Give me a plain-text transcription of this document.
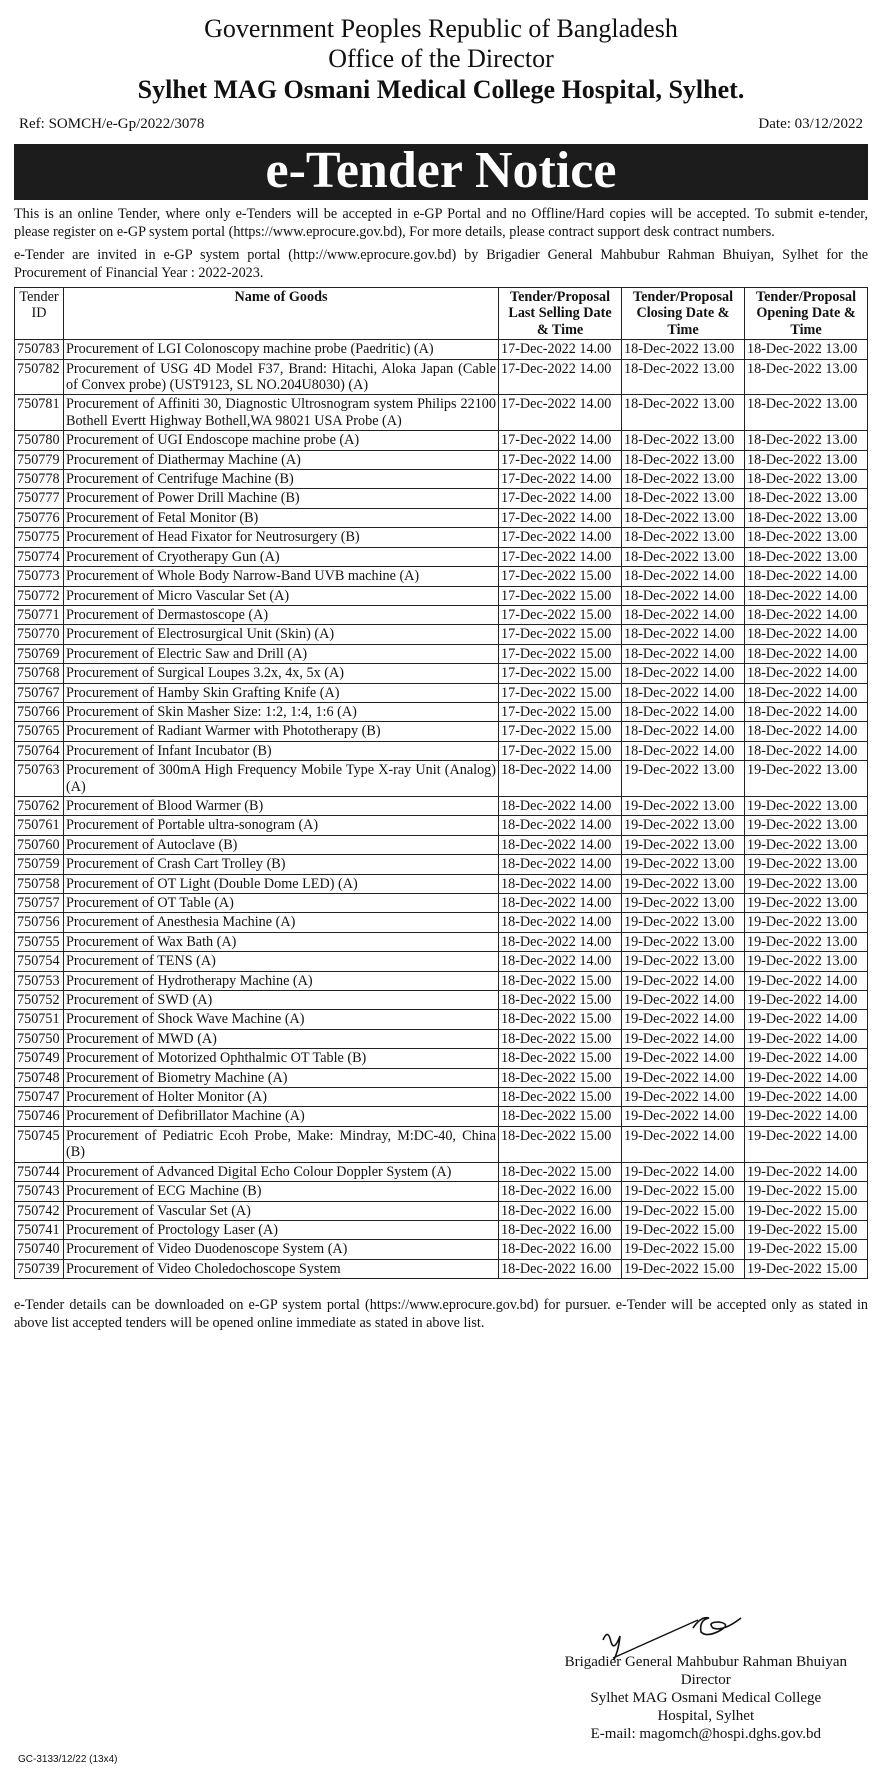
Government Peoples Republic of Bangladesh
Office of the Director
Sylhet MAG Osmani Medical College Hospital, Sylhet.
Ref: SOMCH/e-Gp/2022/3078	Date: 03/12/2022
e-Tender Notice

This is an online Tender, where only e-Tenders will be accepted in e-GP Portal and no Offline/Hard copies will be accepted. To submit e-tender, please register on e-GP system portal (https://www.eprocure.gov.bd), For more details, please contract support desk contract numbers.

e-Tender are invited in e-GP system portal (http://www.eprocure.gov.bd) by Brigadier General Mahbubur Rahman Bhuiyan, Sylhet for the Procurement of Financial Year : 2022-2023.

Tender ID	Name of Goods	Tender/Proposal Last Selling Date & Time	Tender/Proposal Closing Date & Time	Tender/Proposal Opening Date & Time
750783	Procurement of LGI Colonoscopy machine probe (Paedritic) (A)	17-Dec-2022 14.00	18-Dec-2022 13.00	18-Dec-2022 13.00
750782	Procurement of USG 4D Model F37, Brand: Hitachi, Aloka Japan (Cable of Convex probe) (UST9123, SL NO.204U8030) (A)	17-Dec-2022 14.00	18-Dec-2022 13.00	18-Dec-2022 13.00
750781	Procurement of Affiniti 30, Diagnostic Ultrosnogram system Philips 22100 Bothell Evertt Highway Bothell,WA 98021 USA Probe (A)	17-Dec-2022 14.00	18-Dec-2022 13.00	18-Dec-2022 13.00
750780	Procurement of UGI Endoscope machine probe (A)	17-Dec-2022 14.00	18-Dec-2022 13.00	18-Dec-2022 13.00
750779	Procurement of Diathermay Machine (A)	17-Dec-2022 14.00	18-Dec-2022 13.00	18-Dec-2022 13.00
750778	Procurement of Centrifuge Machine (B)	17-Dec-2022 14.00	18-Dec-2022 13.00	18-Dec-2022 13.00
750777	Procurement of Power Drill Machine (B)	17-Dec-2022 14.00	18-Dec-2022 13.00	18-Dec-2022 13.00
750776	Procurement of Fetal Monitor (B)	17-Dec-2022 14.00	18-Dec-2022 13.00	18-Dec-2022 13.00
750775	Procurement of Head Fixator for Neutrosurgery (B)	17-Dec-2022 14.00	18-Dec-2022 13.00	18-Dec-2022 13.00
750774	Procurement of Cryotherapy Gun (A)	17-Dec-2022 14.00	18-Dec-2022 13.00	18-Dec-2022 13.00
750773	Procurement of Whole Body Narrow-Band UVB machine (A)	17-Dec-2022 15.00	18-Dec-2022 14.00	18-Dec-2022 14.00
750772	Procurement of Micro Vascular Set (A)	17-Dec-2022 15.00	18-Dec-2022 14.00	18-Dec-2022 14.00
750771	Procurement of Dermastoscope (A)	17-Dec-2022 15.00	18-Dec-2022 14.00	18-Dec-2022 14.00
750770	Procurement of Electrosurgical Unit (Skin) (A)	17-Dec-2022 15.00	18-Dec-2022 14.00	18-Dec-2022 14.00
750769	Procurement of Electric Saw and Drill (A)	17-Dec-2022 15.00	18-Dec-2022 14.00	18-Dec-2022 14.00
750768	Procurement of Surgical Loupes 3.2x, 4x, 5x (A)	17-Dec-2022 15.00	18-Dec-2022 14.00	18-Dec-2022 14.00
750767	Procurement of Hamby Skin Grafting Knife (A)	17-Dec-2022 15.00	18-Dec-2022 14.00	18-Dec-2022 14.00
750766	Procurement of Skin Masher Size: 1:2, 1:4, 1:6 (A)	17-Dec-2022 15.00	18-Dec-2022 14.00	18-Dec-2022 14.00
750765	Procurement of Radiant Warmer with Phototherapy (B)	17-Dec-2022 15.00	18-Dec-2022 14.00	18-Dec-2022 14.00
750764	Procurement of Infant Incubator (B)	17-Dec-2022 15.00	18-Dec-2022 14.00	18-Dec-2022 14.00
750763	Procurement of 300mA High Frequency Mobile Type X-ray Unit (Analog) (A)	18-Dec-2022 14.00	19-Dec-2022 13.00	19-Dec-2022 13.00
750762	Procurement of Blood Warmer (B)	18-Dec-2022 14.00	19-Dec-2022 13.00	19-Dec-2022 13.00
750761	Procurement of Portable ultra-sonogram (A)	18-Dec-2022 14.00	19-Dec-2022 13.00	19-Dec-2022 13.00
750760	Procurement of Autoclave (B)	18-Dec-2022 14.00	19-Dec-2022 13.00	19-Dec-2022 13.00
750759	Procurement of Crash Cart Trolley (B)	18-Dec-2022 14.00	19-Dec-2022 13.00	19-Dec-2022 13.00
750758	Procurement of OT Light (Double Dome LED) (A)	18-Dec-2022 14.00	19-Dec-2022 13.00	19-Dec-2022 13.00
750757	Procurement of OT Table (A)	18-Dec-2022 14.00	19-Dec-2022 13.00	19-Dec-2022 13.00
750756	Procurement of Anesthesia Machine (A)	18-Dec-2022 14.00	19-Dec-2022 13.00	19-Dec-2022 13.00
750755	Procurement of Wax Bath (A)	18-Dec-2022 14.00	19-Dec-2022 13.00	19-Dec-2022 13.00
750754	Procurement of TENS (A)	18-Dec-2022 14.00	19-Dec-2022 13.00	19-Dec-2022 13.00
750753	Procurement of Hydrotherapy Machine (A)	18-Dec-2022 15.00	19-Dec-2022 14.00	19-Dec-2022 14.00
750752	Procurement of SWD (A)	18-Dec-2022 15.00	19-Dec-2022 14.00	19-Dec-2022 14.00
750751	Procurement of Shock Wave Machine (A)	18-Dec-2022 15.00	19-Dec-2022 14.00	19-Dec-2022 14.00
750750	Procurement of MWD (A)	18-Dec-2022 15.00	19-Dec-2022 14.00	19-Dec-2022 14.00
750749	Procurement of Motorized Ophthalmic OT Table (B)	18-Dec-2022 15.00	19-Dec-2022 14.00	19-Dec-2022 14.00
750748	Procurement of Biometry Machine (A)	18-Dec-2022 15.00	19-Dec-2022 14.00	19-Dec-2022 14.00
750747	Procurement of Holter Monitor (A)	18-Dec-2022 15.00	19-Dec-2022 14.00	19-Dec-2022 14.00
750746	Procurement of Defibrillator Machine (A)	18-Dec-2022 15.00	19-Dec-2022 14.00	19-Dec-2022 14.00
750745	Procurement of Pediatric Ecoh Probe, Make: Mindray, M:DC-40, China (B)	18-Dec-2022 15.00	19-Dec-2022 14.00	19-Dec-2022 14.00
750744	Procurement of Advanced Digital Echo Colour Doppler System (A)	18-Dec-2022 15.00	19-Dec-2022 14.00	19-Dec-2022 14.00
750743	Procurement of ECG Machine (B)	18-Dec-2022 16.00	19-Dec-2022 15.00	19-Dec-2022 15.00
750742	Procurement of Vascular Set (A)	18-Dec-2022 16.00	19-Dec-2022 15.00	19-Dec-2022 15.00
750741	Procurement of Proctology Laser (A)	18-Dec-2022 16.00	19-Dec-2022 15.00	19-Dec-2022 15.00
750740	Procurement of Video Duodenoscope System (A)	18-Dec-2022 16.00	19-Dec-2022 15.00	19-Dec-2022 15.00
750739	Procurement of Video Choledochoscope System	18-Dec-2022 16.00	19-Dec-2022 15.00	19-Dec-2022 15.00

e-Tender details can be downloaded on e-GP system portal (https://www.eprocure.gov.bd) for pursuer. e-Tender will be accepted only as stated in above list accepted tenders will be opened online immediate as stated in above list.

Brigadier General Mahbubur Rahman Bhuiyan
Director
Sylhet MAG Osmani Medical College
Hospital, Sylhet
E-mail: magomch@hospi.dghs.gov.bd
GC-3133/12/22 (13x4)
